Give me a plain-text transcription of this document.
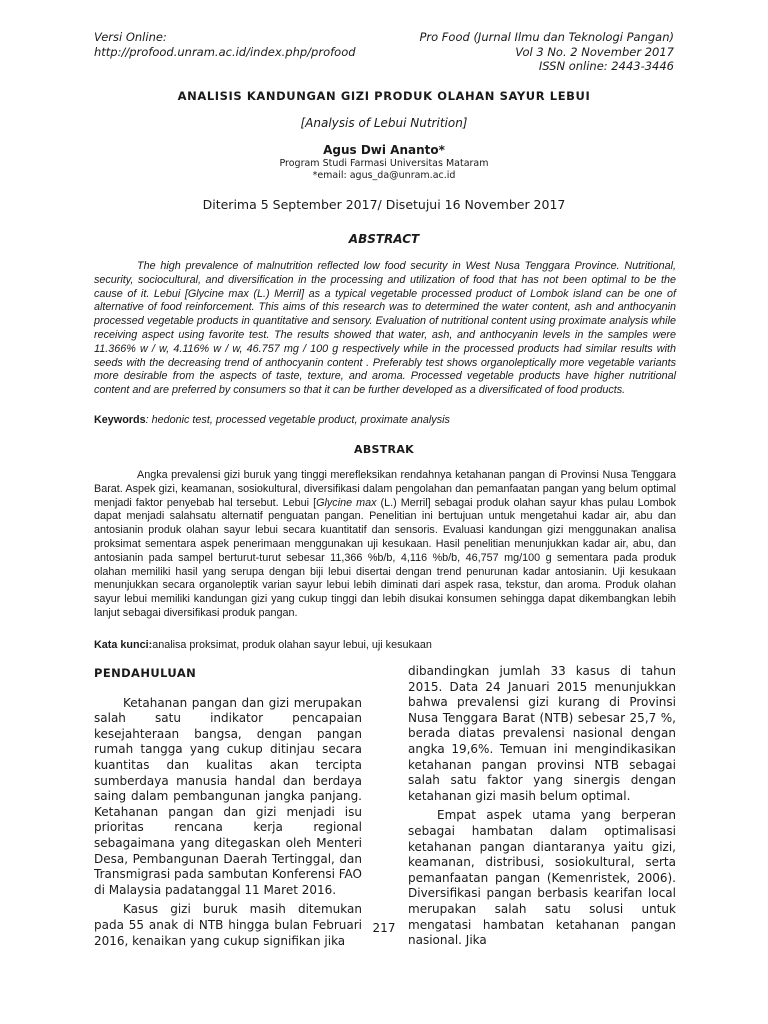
Versi Online:
http://profood.unram.ac.id/index.php/profood
Pro Food (Jurnal Ilmu dan Teknologi Pangan)
Vol 3 No. 2 November 2017
ISSN online: 2443-3446
ANALISIS KANDUNGAN GIZI PRODUK OLAHAN SAYUR LEBUI
[Analysis of Lebui Nutrition]
Agus Dwi Ananto*
Program Studi Farmasi Universitas Mataram
*email: agus_da@unram.ac.id
Diterima 5 September 2017/ Disetujui 16 November 2017
ABSTRACT

The high prevalence of malnutrition reflected low food security in West Nusa Tenggara Province. Nutritional, security, sociocultural, and diversification in the processing and utilization of food that has not been optimal to be the cause of it. Lebui [Glycine max (L.) Merril] as a typical vegetable processed product of Lombok island can be one of alternative of food reinforcement. This aims of this research was to determined the water content, ash and anthocyanin processed vegetable products in quantitative and sensory. Evaluation of nutritional content using proximate analysis while receiving aspect using favorite test. The results showed that water, ash, and anthocyanin levels in the samples were 11.366% w / w, 4.116% w / w, 46.757 mg / 100 g respectively while in the processed products had similar results with seeds with the decreasing trend of anthocyanin content . Preferably test shows organoleptically more vegetable variants more desirable from the aspects of taste, texture, and aroma. Processed vegetable products have higher nutritional content and are preferred by consumers so that it can be further developed as a diversificated of food products.

Keywords: hedonic test, processed vegetable product, proximate analysis

ABSTRAK

Angka prevalensi gizi buruk yang tinggi merefleksikan rendahnya ketahanan pangan di Provinsi Nusa Tenggara Barat. Aspek gizi, keamanan, sosiokultural, diversifikasi dalam pengolahan dan pemanfaatan pangan yang belum optimal menjadi faktor penyebab hal tersebut. Lebui [Glycine max (L.) Merril] sebagai produk olahan sayur khas pulau Lombok dapat menjadi salahsatu alternatif penguatan pangan. Penelitian ini bertujuan untuk mengetahui kadar air, abu dan antosianin produk olahan sayur lebui secara kuantitatif dan sensoris. Evaluasi kandungan gizi menggunakan analisa proksimat sementara aspek penerimaan menggunakan uji kesukaan. Hasil penelitian menunjukkan kadar air, abu, dan antosianin pada sampel berturut-turut sebesar 11,366 %b/b, 4,116 %b/b, 46,757 mg/100 g sementara pada produk olahan memiliki hasil yang serupa dengan biji lebui disertai dengan trend penurunan kadar antosianin. Uji kesukaan menunjukkan secara organoleptik varian sayur lebui lebih diminati dari aspek rasa, tekstur, dan aroma. Produk olahan sayur lebui memiliki kandungan gizi yang cukup tinggi dan lebih disukai konsumen sehingga dapat dikembangkan lebih lanjut sebagai diversifikasi produk pangan.

Kata kunci:analisa proksimat, produk olahan sayur lebui, uji kesukaan

PENDAHULUAN

Ketahanan pangan dan gizi merupakan salah satu indikator pencapaian kesejahteraan bangsa, dengan pangan rumah tangga yang cukup ditinjau secara kuantitas dan kualitas akan tercipta sumberdaya manusia handal dan berdaya saing dalam pembangunan jangka panjang. Ketahanan pangan dan gizi menjadi isu prioritas rencana kerja regional sebagaimana yang ditegaskan oleh Menteri Desa, Pembangunan Daerah Tertinggal, dan Transmigrasi pada sambutan Konferensi FAO di Malaysia padatanggal 11 Maret 2016.

Kasus gizi buruk masih ditemukan pada 55 anak di NTB hingga bulan Februari 2016, kenaikan yang cukup signifikan jika

dibandingkan jumlah 33 kasus di tahun 2015. Data 24 Januari 2015 menunjukkan bahwa prevalensi gizi kurang di Provinsi Nusa Tenggara Barat (NTB) sebesar 25,7 %, berada diatas prevalensi nasional dengan angka 19,6%. Temuan ini mengindikasikan ketahanan pangan provinsi NTB sebagai salah satu faktor yang sinergis dengan ketahanan gizi masih belum optimal.

Empat aspek utama yang berperan sebagai hambatan dalam optimalisasi ketahanan pangan diantaranya yaitu gizi, keamanan, distribusi, sosiokultural, serta pemanfaatan pangan (Kemenristek, 2006). Diversifikasi pangan berbasis kearifan local merupakan salah satu solusi untuk mengatasi hambatan ketahanan pangan nasional. Jika

217
